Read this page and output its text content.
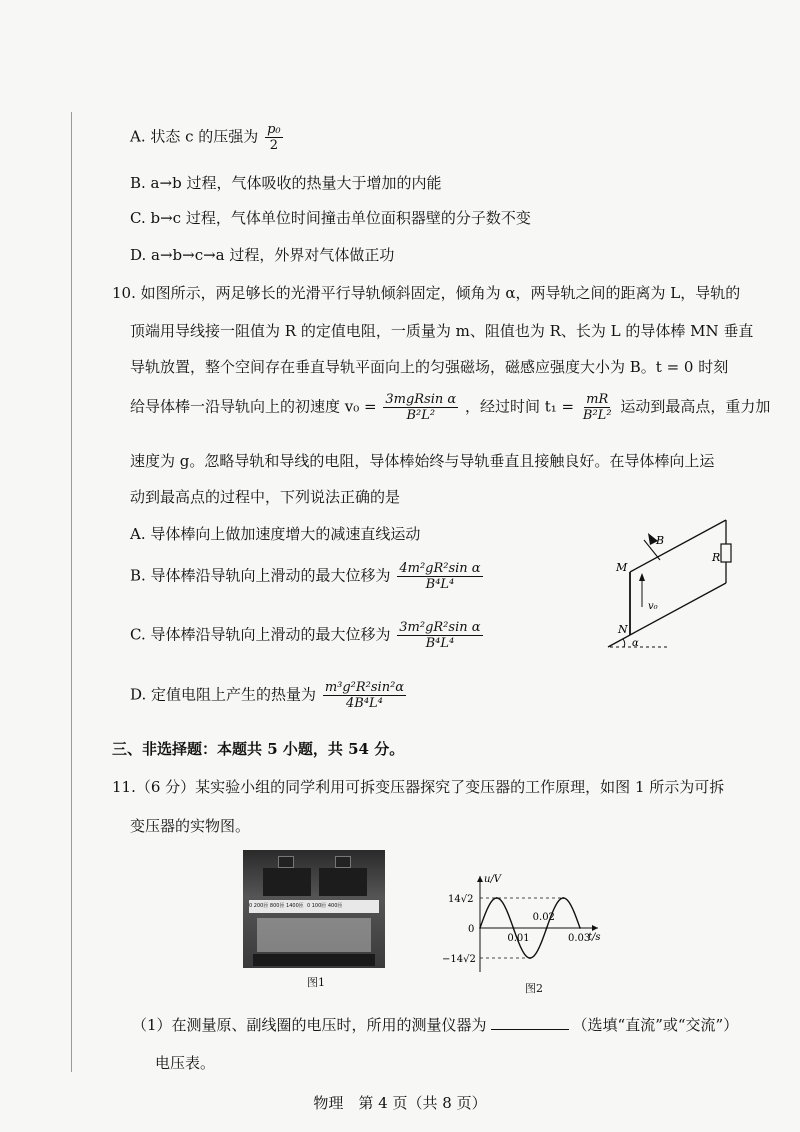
A. 状态 c 的压强为 $\frac{\text{p₀}}{2}$
B. a→b 过程，气体吸收的热量大于增加的内能
C. b→c 过程，气体单位时间撞击单位面积器壁的分子数不变
D. a→b→c→a 过程，外界对气体做正功
10. 如图所示，两足够长的光滑平行导轨倾斜固定，倾角为 α，两导轨之间的距离为 L，导轨的
顶端用导线接一阻值为 R 的定值电阻，一质量为 m、阻值也为 R、长为 L 的导体棒 MN 垂直
导轨放置，整个空间存在垂直导轨平面向上的匀强磁场，磁感应强度大小为 B。t = 0 时刻
给导体棒一沿导轨向上的初速度 $v_0 = \frac{\text{3mgRsin α}}{\text{B²L²}}$ ，经过时间 $t_1 = \frac{mR}{\text{B²L²}}$ 运动到最高点，重力加
速度为 g。忽略导轨和导线的电阻，导体棒始终与导轨垂直且接触良好。在导体棒向上运
动到最高点的过程中，下列说法正确的是
A. 导体棒向上做加速度增大的减速直线运动
B. 导体棒沿导轨向上滑动的最大位移为 $\frac{\text{4m²gR²sin α}}{\text{B⁴L⁴}}$
C. 导体棒沿导轨向上滑动的最大位移为 $\frac{\text{3m²gR²sin α}}{\text{B⁴L⁴}}$
D. 定值电阻上产生的热量为 $\frac{\text{m³g²R²sin²α}}{\text{4B⁴L⁴}}$
B
R
M
N
v₀
α
三、非选择题：本题共 5 小题，共 54 分。
11.（6 分）某实验小组的同学利用可拆变压器探究了变压器的工作原理，如图 1 所示为可拆
变压器的实物图。
0 200匝 800匝 1400匝 0 100匝 400匝
图1
u/V
t/s
0
14√2
−14√2
0.01
0.02
0.03
图2
（1）在测量原、副线圈的电压时，所用的测量仪器为	（选填“直流”或“交流”）
电压表。
物理　第 4 页（共 8 页）
